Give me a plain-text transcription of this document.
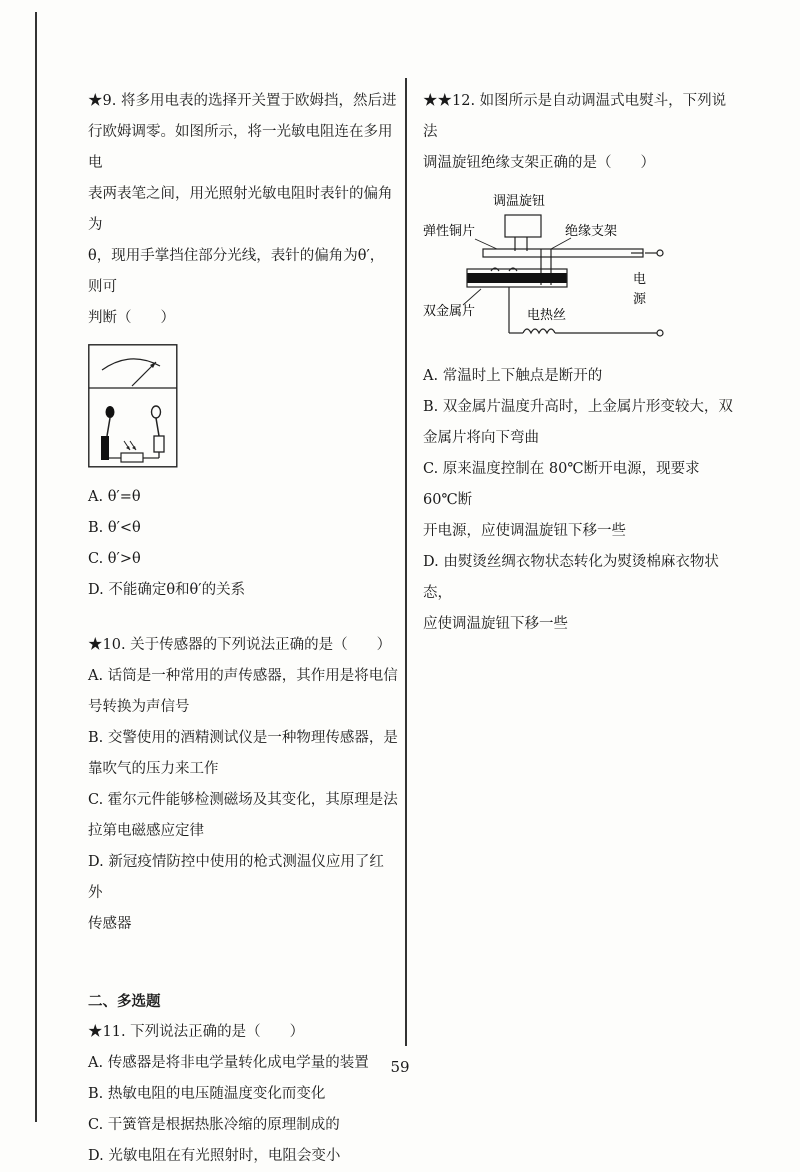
★9. 将多用电表的选择开关置于欧姆挡，然后进

行欧姆调零。如图所示，将一光敏电阻连在多用电

表两表笔之间，用光照射光敏电阻时表针的偏角为

θ，现用手掌挡住部分光线，表针的偏角为θ′，则可

判断（　　）

A. θ′=θ

B. θ′<θ

C. θ′>θ

D. 不能确定θ和θ′的关系

★10. 关于传感器的下列说法正确的是（　　）

A. 话筒是一种常用的声传感器，其作用是将电信

号转换为声信号

B. 交警使用的酒精测试仪是一种物理传感器，是

靠吹气的压力来工作

C. 霍尔元件能够检测磁场及其变化，其原理是法

拉第电磁感应定律

D. 新冠疫情防控中使用的枪式测温仪应用了红外

传感器

二、多选题

★11. 下列说法正确的是（　　）

A. 传感器是将非电学量转化成电学量的装置

B. 热敏电阻的电压随温度变化而变化

C. 干簧管是根据热胀冷缩的原理制成的

D. 光敏电阻在有光照射时，电阻会变小

★★12. 如图所示是自动调温式电熨斗，下列说法

调温旋钮绝缘支架正确的是（　　）

调温旋钮
弹性铜片	绝缘支架
电
源
双金属片	电热丝

A. 常温时上下触点是断开的

B. 双金属片温度升高时，上金属片形变较大，双

金属片将向下弯曲

C. 原来温度控制在 80℃断开电源，现要求 60℃断

开电源，应使调温旋钮下移一些

D. 由熨烫丝绸衣物状态转化为熨烫棉麻衣物状态，

应使调温旋钮下移一些

59
